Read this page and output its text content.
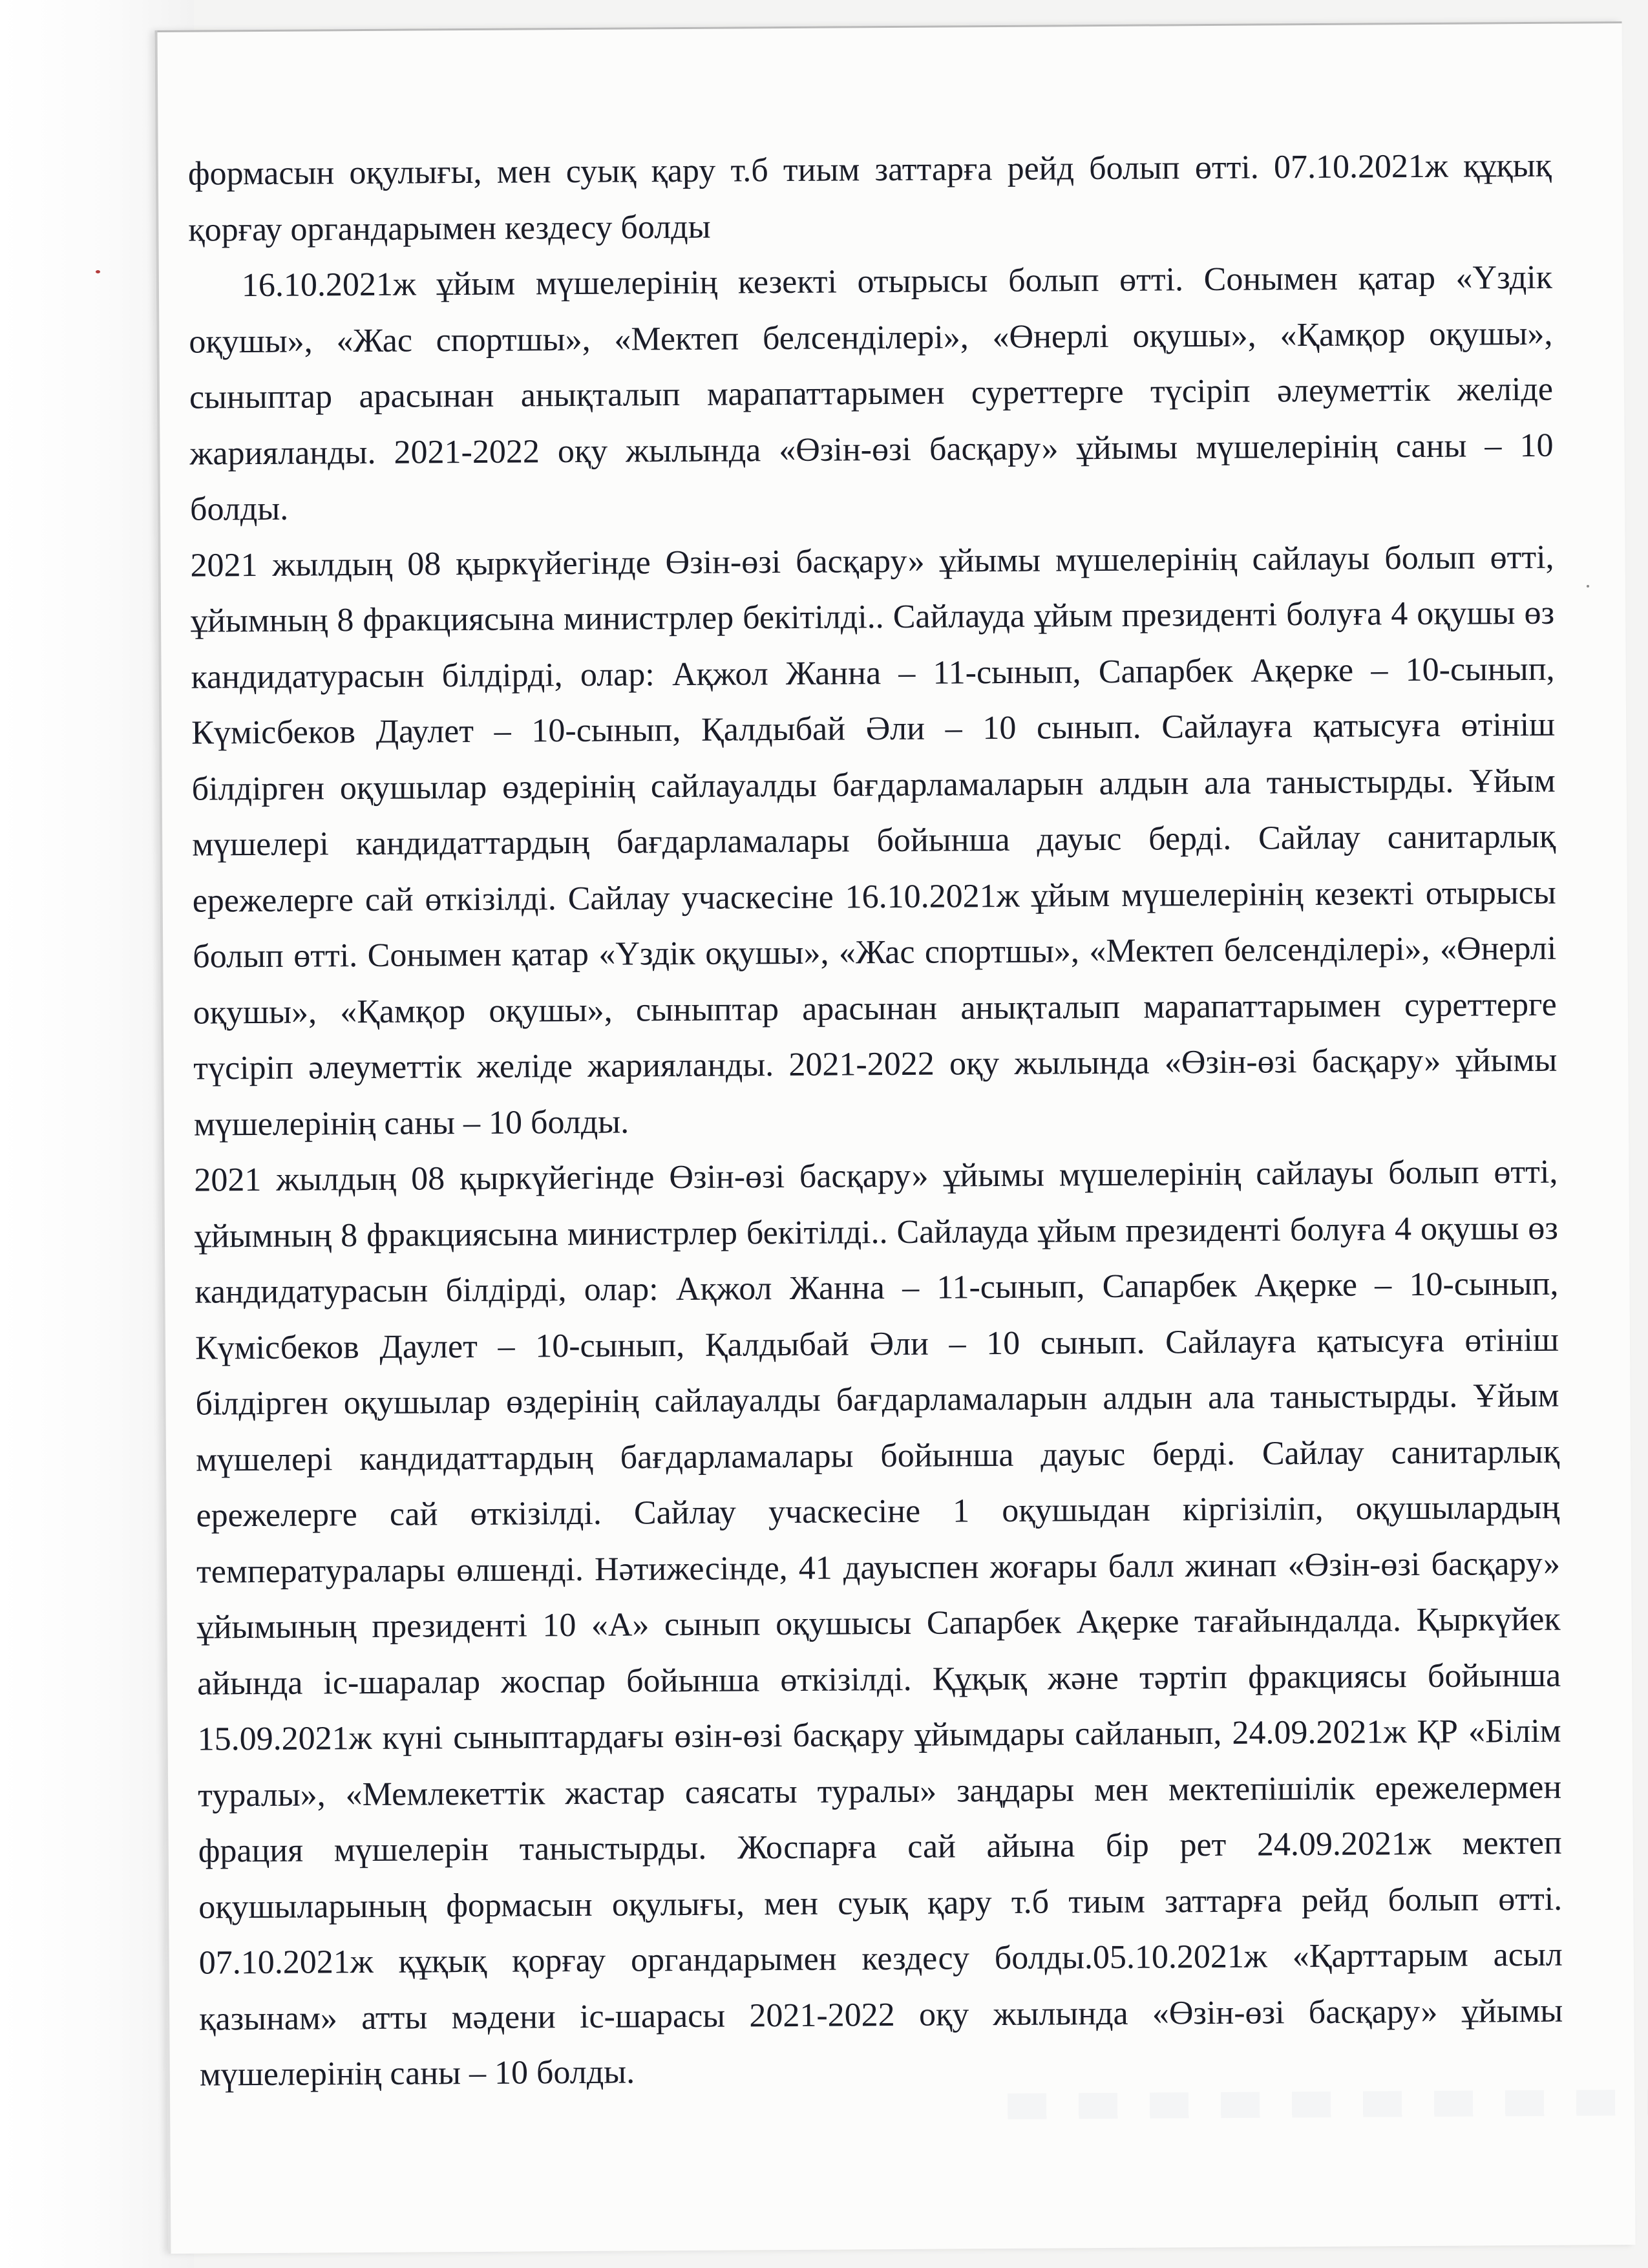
формасын оқулығы, мен суық қару т.б тиым заттарға рейд болып өтті. 07.10.2021ж құқық қорғау органдарымен кездесу болды

16.10.2021ж ұйым мүшелерінің кезекті отырысы болып өтті. Сонымен қатар «Үздік оқушы», «Жас спортшы», «Мектеп белсенділері», «Өнерлі оқушы», «Қамқор оқушы», сыныптар арасынан анықталып марапаттарымен суреттерге түсіріп әлеуметтік желіде жарияланды. 2021-2022 оқу жылында «Өзін-өзі басқару» ұйымы мүшелерінің саны – 10 болды.

2021 жылдың 08 қыркүйегінде Өзін-өзі басқару» ұйымы мүшелерінің сайлауы болып өтті, ұйымның 8 фракциясына министрлер бекітілді.. Сайлауда ұйым президенті болуға 4 оқушы өз кандидатурасын білдірді, олар: Ақжол Жанна – 11-сынып, Сапарбек Ақерке – 10-сынып, Күмісбеков Даулет – 10-сынып, Қалдыбай Әли – 10 сынып. Сайлауға қатысуға өтініш білдірген оқушылар өздерінің сайлауалды бағдарламаларын алдын ала таныстырды. Ұйым мүшелері кандидаттардың бағдарламалары бойынша дауыс берді. Сайлау санитарлық ережелерге сай өткізілді. Сайлау учаскесіне 16.10.2021ж ұйым мүшелерінің кезекті отырысы болып өтті. Сонымен қатар «Үздік оқушы», «Жас спортшы», «Мектеп белсенділері», «Өнерлі оқушы», «Қамқор оқушы», сыныптар арасынан анықталып марапаттарымен суреттерге түсіріп әлеуметтік желіде жарияланды. 2021-2022 оқу жылында «Өзін-өзі басқару» ұйымы мүшелерінің саны – 10 болды.

2021 жылдың 08 қыркүйегінде Өзін-өзі басқару» ұйымы мүшелерінің сайлауы болып өтті, ұйымның 8 фракциясына министрлер бекітілді.. Сайлауда ұйым президенті болуға 4 оқушы өз кандидатурасын білдірді, олар: Ақжол Жанна – 11-сынып, Сапарбек Ақерке – 10-сынып, Күмісбеков Даулет – 10-сынып, Қалдыбай Әли – 10 сынып. Сайлауға қатысуға өтініш білдірген оқушылар өздерінің сайлауалды бағдарламаларын алдын ала таныстырды. Ұйым мүшелері кандидаттардың бағдарламалары бойынша дауыс берді. Сайлау санитарлық ережелерге сай өткізілді. Сайлау учаскесіне 1 оқушыдан кіргізіліп, оқушылардың температуралары өлшенді. Нәтижесінде, 41 дауыспен жоғары балл жинап «Өзін-өзі басқару» ұйымының президенті 10 «А» сынып оқушысы Сапарбек Ақерке тағайындалда. Қыркүйек айында іс-шаралар жоспар бойынша өткізілді. Құқық және тәртіп фракциясы бойынша 15.09.2021ж күні сыныптардағы өзін-өзі басқару ұйымдары сайланып, 24.09.2021ж ҚР «Білім туралы», «Мемлекеттік жастар саясаты туралы» заңдары мен мектепішілік ережелермен фрация мүшелерін таныстырды. Жоспарға сай айына бір рет 24.09.2021ж мектеп оқушыларының формасын оқулығы, мен суық қару т.б тиым заттарға рейд болып өтті. 07.10.2021ж құқық қорғау органдарымен кездесу болды.05.10.2021ж «Қарттарым асыл қазынам» атты мәдени іс-шарасы 2021-2022 оқу жылында «Өзін-өзі басқару» ұйымы мүшелерінің саны – 10 болды.
